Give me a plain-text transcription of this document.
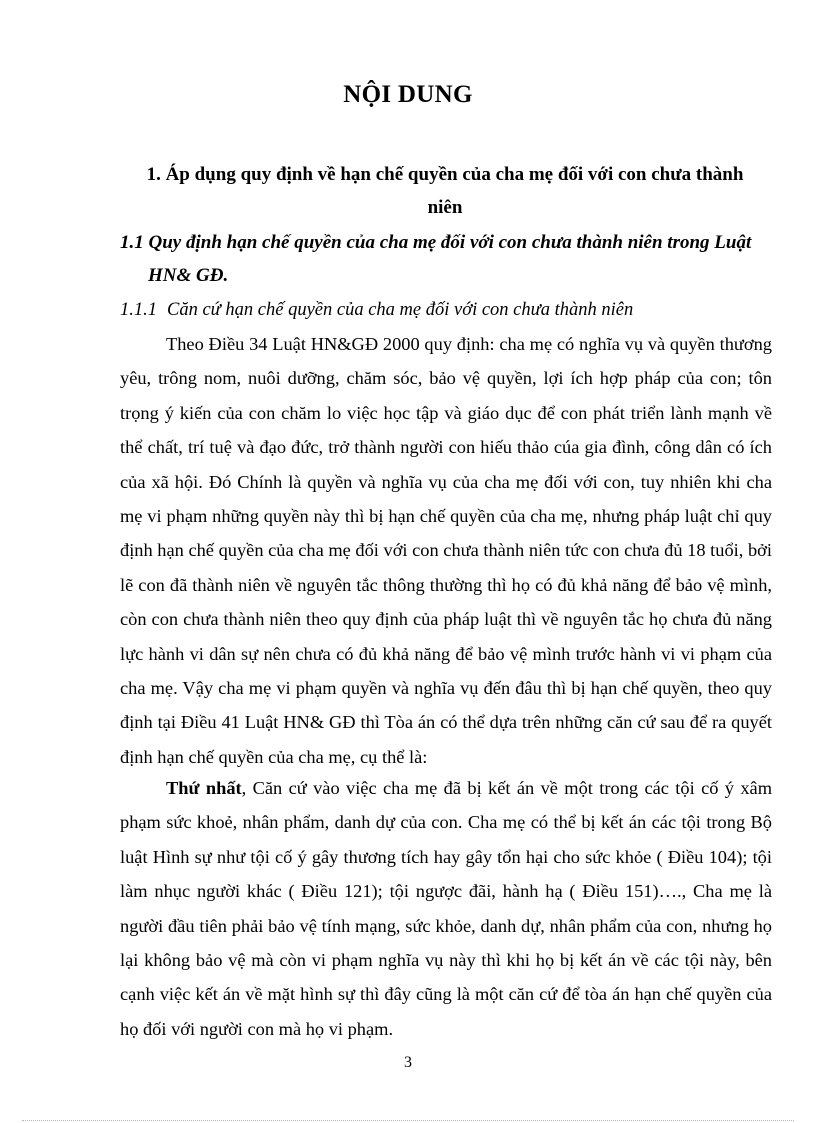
NỘI DUNG
1. Áp dụng quy định về hạn chế quyền của cha mẹ đối với con chưa thành niên
1.1 Quy định hạn chế quyền của cha mẹ đối với con chưa thành niên trong Luật
HN& GĐ.
1.1.1 Căn cứ hạn chế quyền của cha mẹ đối với con chưa thành niên

Theo Điều 34 Luật HN&GĐ 2000 quy định: cha mẹ có nghĩa vụ và quyền thương yêu, trông nom, nuôi dưỡng, chăm sóc, bảo vệ quyền, lợi ích hợp pháp của con; tôn trọng ý kiến của con chăm lo việc học tập và giáo dục để con phát triển lành mạnh về thể chất, trí tuệ và đạo đức, trở thành người con hiếu thảo cúa gia đình, công dân có ích của xã hội. Đó Chính là quyền và nghĩa vụ của cha mẹ đối với con, tuy nhiên khi cha mẹ vi phạm những quyền này thì bị hạn chế quyền của cha mẹ, nhưng pháp luật chỉ quy định hạn chế quyền của cha mẹ đối với con chưa thành niên tức con chưa đủ 18 tuổi, bởi lẽ con đã thành niên về nguyên tắc thông thường thì họ có đủ khả năng để bảo vệ mình, còn con chưa thành niên theo quy định của pháp luật thì về nguyên tắc họ chưa đủ năng lực hành vi dân sự nên chưa có đủ khả năng để bảo vệ mình trước hành vi vi phạm của cha mẹ. Vậy cha mẹ vi phạm quyền và nghĩa vụ đến đâu thì bị hạn chế quyền, theo quy định tại Điều 41 Luật HN& GĐ thì Tòa án có thể dựa trên những căn cứ sau để ra quyết định hạn chế quyền của cha mẹ, cụ thể là:

Thứ nhất, Căn cứ vào việc cha mẹ đã bị kết án về một trong các tội cố ý xâm phạm sức khoẻ, nhân phẩm, danh dự của con. Cha mẹ có thể bị kết án các tội trong Bộ luật Hình sự như tội cố ý gây thương tích hay gây tổn hại cho sức khỏe ( Điều 104); tội làm nhục người khác ( Điều 121); tội ngược đãi, hành hạ ( Điều 151)…., Cha mẹ là người đầu tiên phải bảo vệ tính mạng, sức khỏe, danh dự, nhân phẩm của con, nhưng họ lại không bảo vệ mà còn vi phạm nghĩa vụ này thì khi họ bị kết án về các tội này, bên cạnh việc kết án về mặt hình sự thì đây cũng là một căn cứ để tòa án hạn chế quyền của họ đối với người con mà họ vi phạm.

3
